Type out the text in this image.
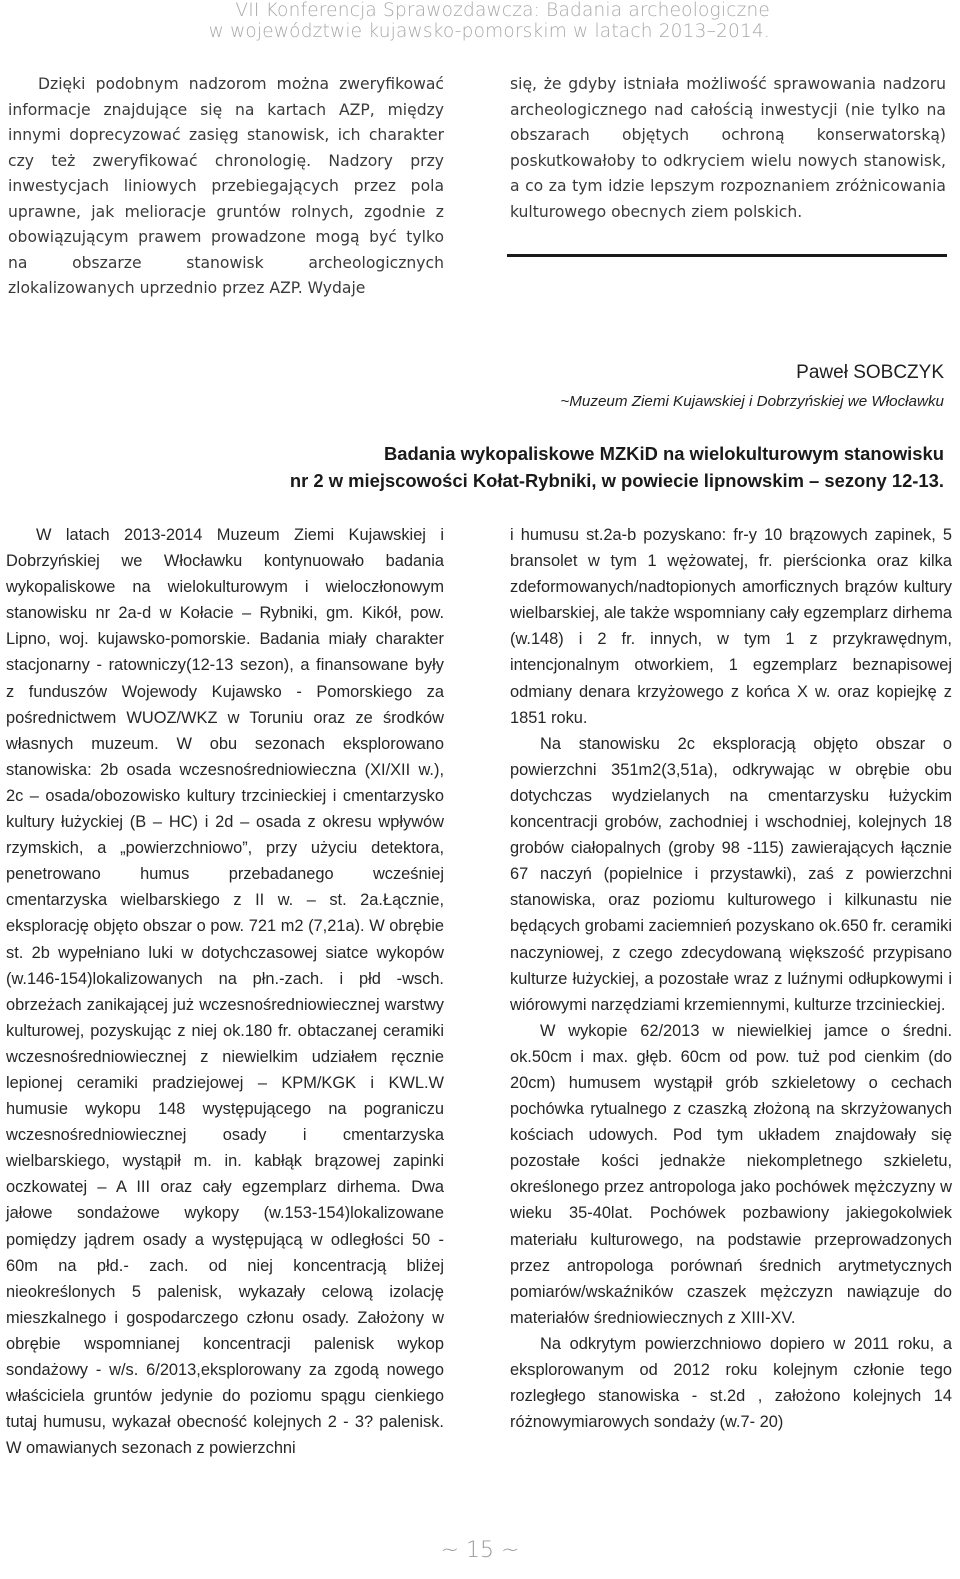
VII Konferencja Sprawozdawcza: Badania archeologiczne
w województwie kujawsko-pomorskim w latach 2013–2014.

Dzięki podobnym nadzorom można zweryfikować informacje znajdujące się na kartach AZP, między innymi doprecyzować zasięg stanowisk, ich charakter czy też zweryfikować chronologię. Nadzory przy inwestycjach liniowych przebiegających przez pola uprawne, jak melioracje gruntów rolnych, zgodnie z obowiązującym prawem prowadzone mogą być tylko na obszarze stanowisk archeologicznych zlokalizowanych uprzednio przez AZP. Wydaje

się, że gdyby istniała możliwość sprawowania nadzoru archeologicznego nad całością inwestycji (nie tylko na obszarach objętych ochroną konserwatorską) poskutkowałoby to odkryciem wielu nowych stanowisk, a co za tym idzie lepszym rozpoznaniem zróżnicowania kulturowego obecnych ziem polskich.

Paweł SOBCZYK
~Muzeum Ziemi Kujawskiej i Dobrzyńskiej we Włocławku
Badania wykopaliskowe MZKiD na wielokulturowym stanowisku
nr 2 w miejscowości Kołat-Rybniki, w powiecie lipnowskim – sezony 12-13.

W latach 2013-2014 Muzeum Ziemi Kujawskiej i Dobrzyńskiej we Włocławku kontynuowało badania wykopaliskowe na wielokulturowym i wieloczłonowym stanowisku nr 2a-d w Kołacie – Rybniki, gm. Kikół, pow. Lipno, woj. kujawsko-pomorskie. Badania miały charakter stacjonarny - ratowniczy(12-13 sezon), a finansowane były z funduszów Wojewody Kujawsko - Pomorskiego za pośrednictwem WUOZ/WKZ w Toruniu oraz ze środków własnych muzeum. W obu sezonach eksplorowano stanowiska: 2b osada wczesnośredniowieczna (XI/XII w.), 2c – osada/obozowisko kultury trzcinieckiej i cmentarzysko kultury łużyckiej (B – HC) i 2d – osada z okresu wpływów rzymskich, a „powierzchniowo”, przy użyciu detektora, penetrowano humus przebadanego wcześniej cmentarzyska wielbarskiego z II w. – st. 2a.Łącznie, eksplorację objęto obszar o pow. 721 m2 (7,21a). W obrębie st. 2b wypełniano luki w dotychczasowej siatce wykopów (w.146-154)lokalizowanych na płn.-zach. i płd -wsch. obrzeżach zanikającej już wczesnośredniowiecznej warstwy kulturowej, pozyskując z niej ok.180 fr. obtaczanej ceramiki wczesnośredniowiecznej z niewielkim udziałem ręcznie lepionej ceramiki pradziejowej – KPM/KGK i KWL.W humusie wykopu 148 występującego na pograniczu wczesnośredniowiecznej osady i cmentarzyska wielbarskiego, wystąpił m. in. kabłąk brązowej zapinki oczkowatej – A III oraz cały egzemplarz dirhema. Dwa jałowe sondażowe wykopy (w.153-154)lokalizowane pomiędzy jądrem osady a występującą w odległości 50 - 60m na płd.- zach. od niej koncentracją bliżej nieokreślonych 5 palenisk, wykazały celową izolację mieszkalnego i gospodarczego członu osady. Założony w obrębie wspomnianej koncentracji palenisk wykop sondażowy - w/s. 6/2013,eksplorowany za zgodą nowego właściciela gruntów jedynie do poziomu spągu cienkiego tutaj humusu, wykazał obecność kolejnych 2 - 3? palenisk. W omawianych sezonach z powierzchni

i humusu st.2a-b pozyskano: fr-y 10 brązowych zapinek, 5 bransolet w tym 1 wężowatej, fr. pierścionka oraz kilka zdeformowanych/nadtopionych amorficznych brązów kultury wielbarskiej, ale także wspomniany cały egzemplarz dirhema (w.148) i 2 fr. innych, w tym 1 z przykrawędnym, intencjonalnym otworkiem, 1 egzemplarz beznapisowej odmiany denara krzyżowego z końca X w. oraz kopiejkę z 1851 roku.

Na stanowisku 2c eksploracją objęto obszar o powierzchni 351m2(3,51a), odkrywając w obrębie obu dotychczas wydzielanych na cmentarzysku łużyckim koncentracji grobów, zachodniej i wschodniej, kolejnych 18 grobów ciałopalnych (groby 98 -115) zawierających łącznie 67 naczyń (popielnice i przystawki), zaś z powierzchni stanowiska, oraz poziomu kulturowego i kilkunastu nie będących grobami zaciemnień pozyskano ok.650 fr. ceramiki naczyniowej, z czego zdecydowaną większość przypisano kulturze łużyckiej, a pozostałe wraz z luźnymi odłupkowymi i wiórowymi narzędziami krzemiennymi, kulturze trzcinieckiej.

W wykopie 62/2013 w niewielkiej jamce o średni. ok.50cm i max. głęb. 60cm od pow. tuż pod cienkim (do 20cm) humusem wystąpił grób szkieletowy o cechach pochówka rytualnego z czaszką złożoną na skrzyżowanych kościach udowych. Pod tym układem znajdowały się pozostałe kości jednakże niekompletnego szkieletu, określonego przez antropologa jako pochówek mężczyzny w wieku 35-40lat. Pochówek pozbawiony jakiegokolwiek materiału kulturowego, na podstawie przeprowadzonych przez antropologa porównań średnich arytmetycznych pomiarów/wskaźników czaszek mężczyzn nawiązuje do materiałów średniowiecznych z XIII-XV.

Na odkrytym powierzchniowo dopiero w 2011 roku, a eksplorowanym od 2012 roku kolejnym członie tego rozległego stanowiska - st.2d , założono kolejnych 14 różnowymiarowych sondaży (w.7- 20)

~ 15 ~
